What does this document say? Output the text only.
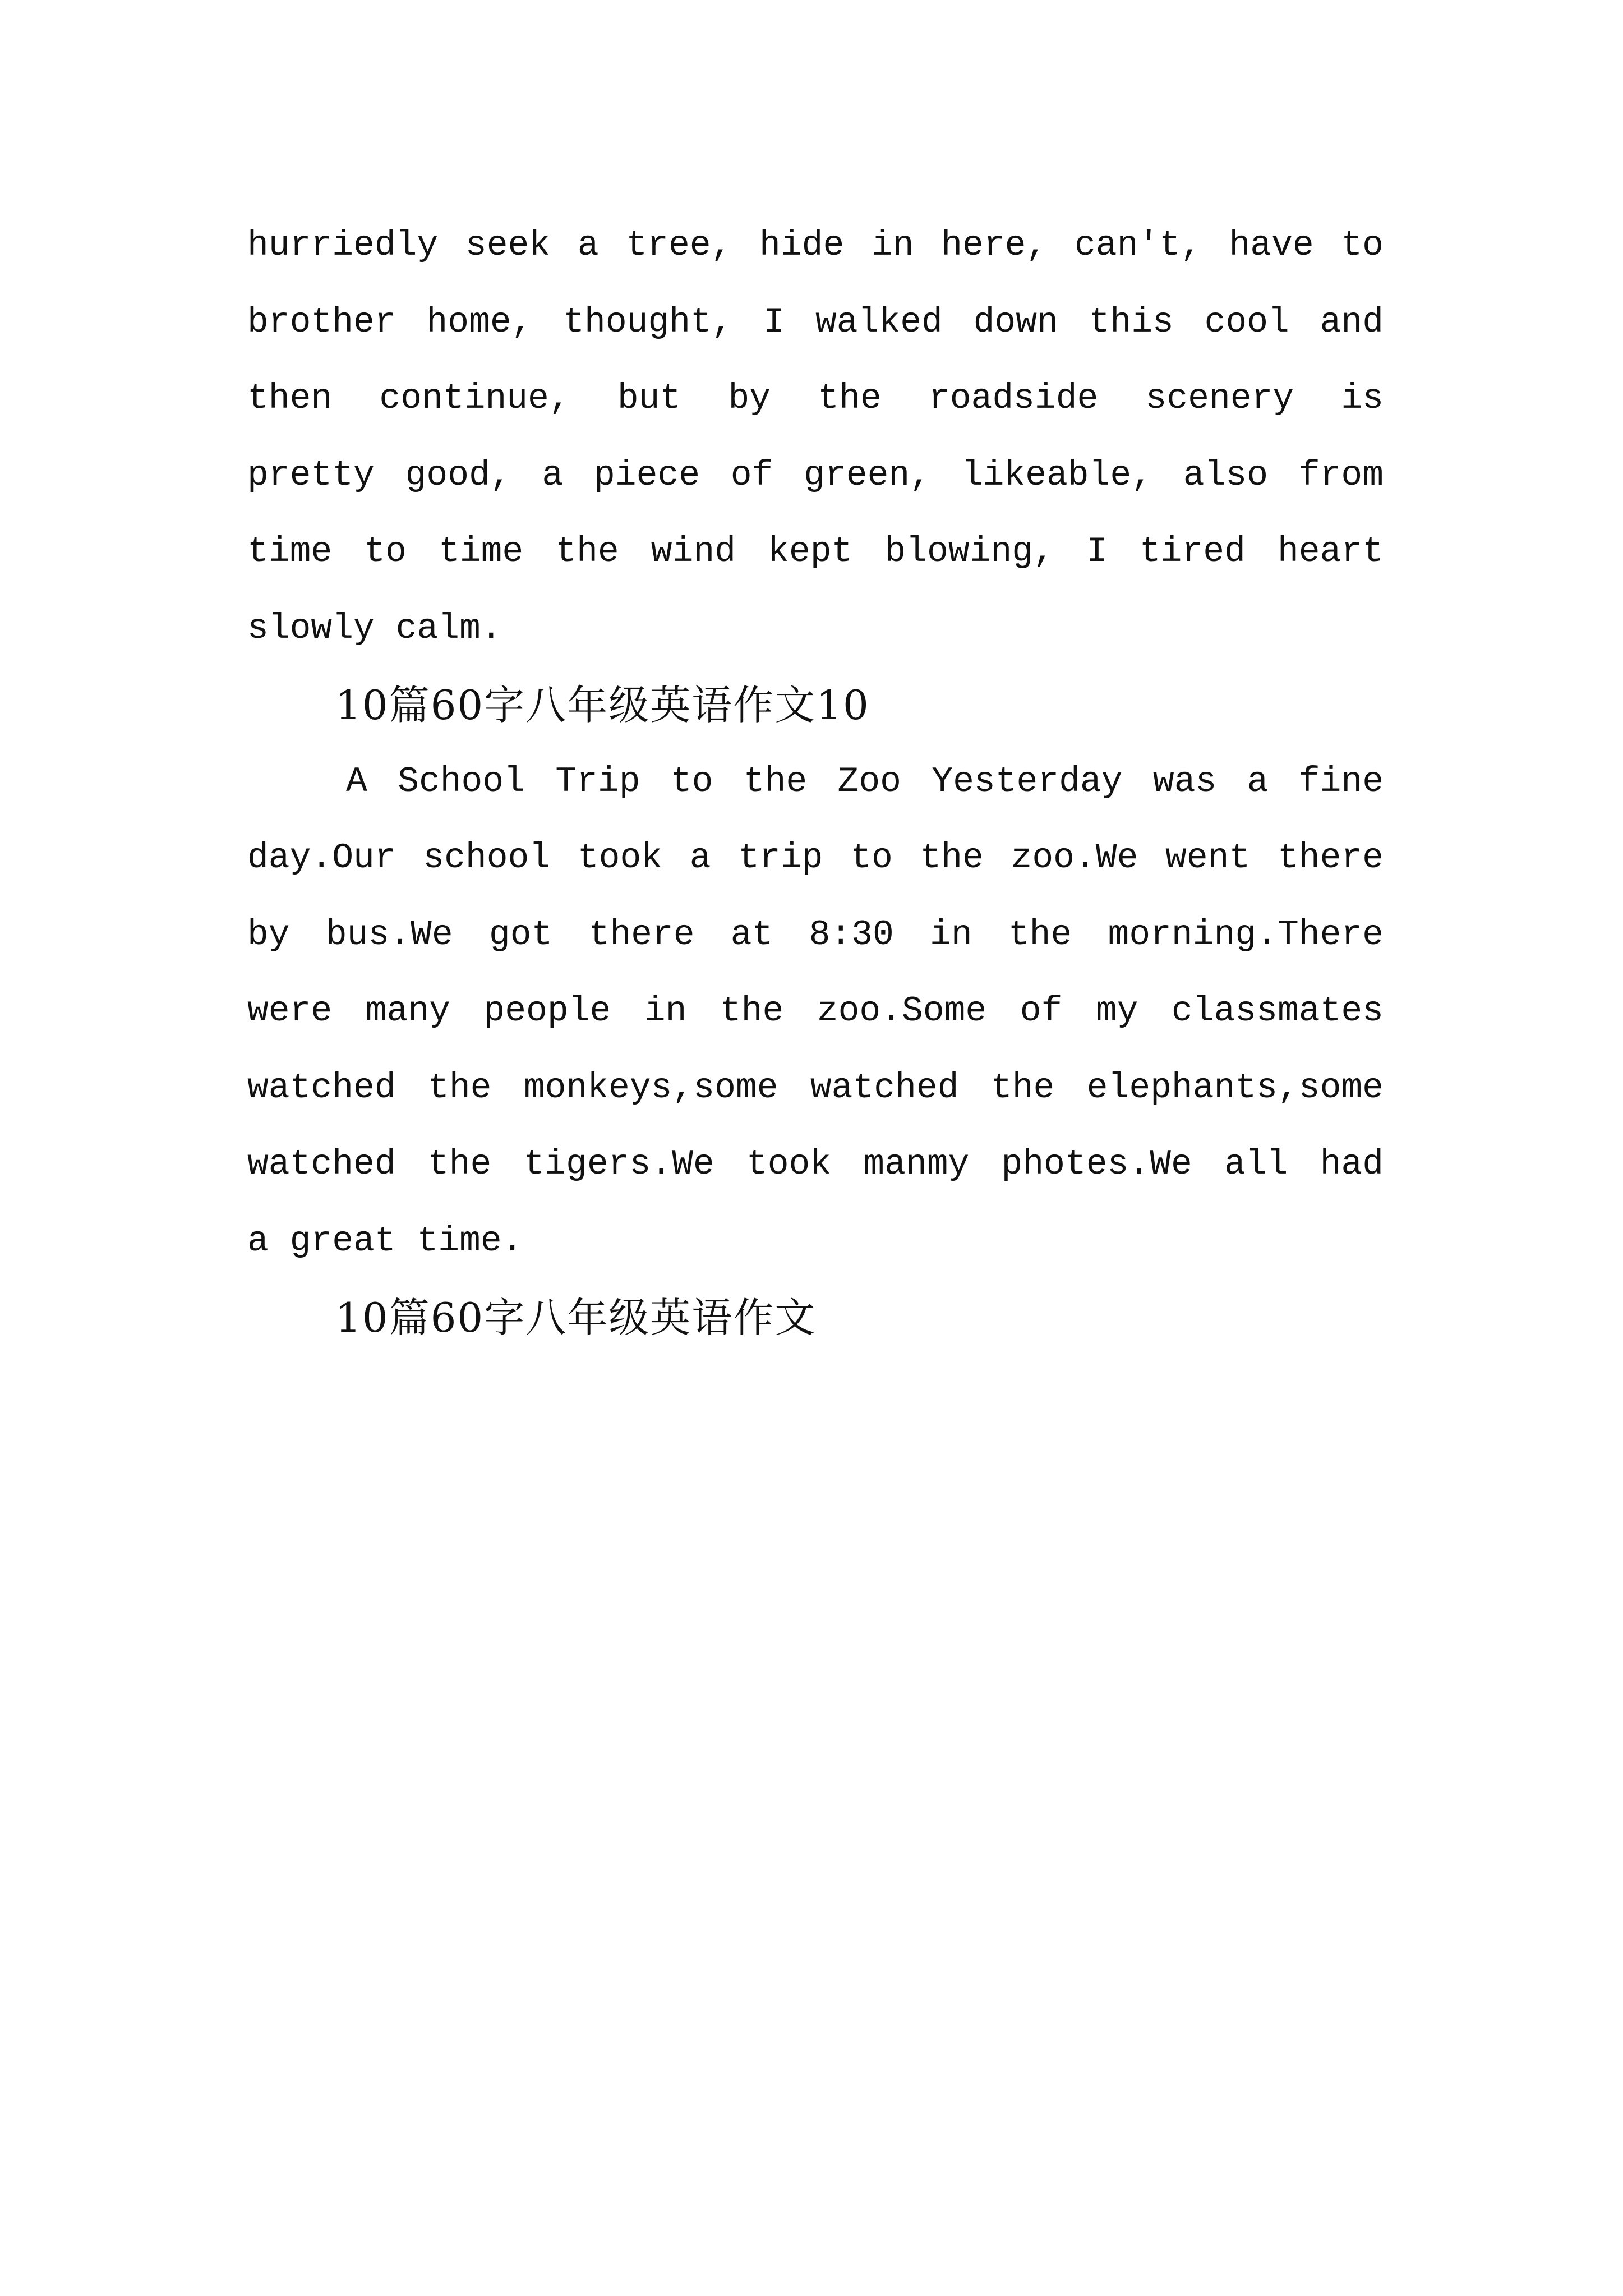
hurriedly seek a tree, hide in here, can't, have to
brother home, thought, I walked down this cool and
then continue, but by the roadside scenery is
pretty good, a piece of green, likeable, also from
time to time the wind kept blowing, I tired heart
slowly calm.
10篇60字八年级英语作文10
A School Trip to the Zoo Yesterday was a fine
day.Our school took a trip to the zoo.We went there
by bus.We got there at 8:30 in the morning.There
were many people in the zoo.Some of my classmates
watched the monkeys,some watched the elephants,some
watched the tigers.We took manmy photes.We all had
a great time.
10篇60字八年级英语作文
